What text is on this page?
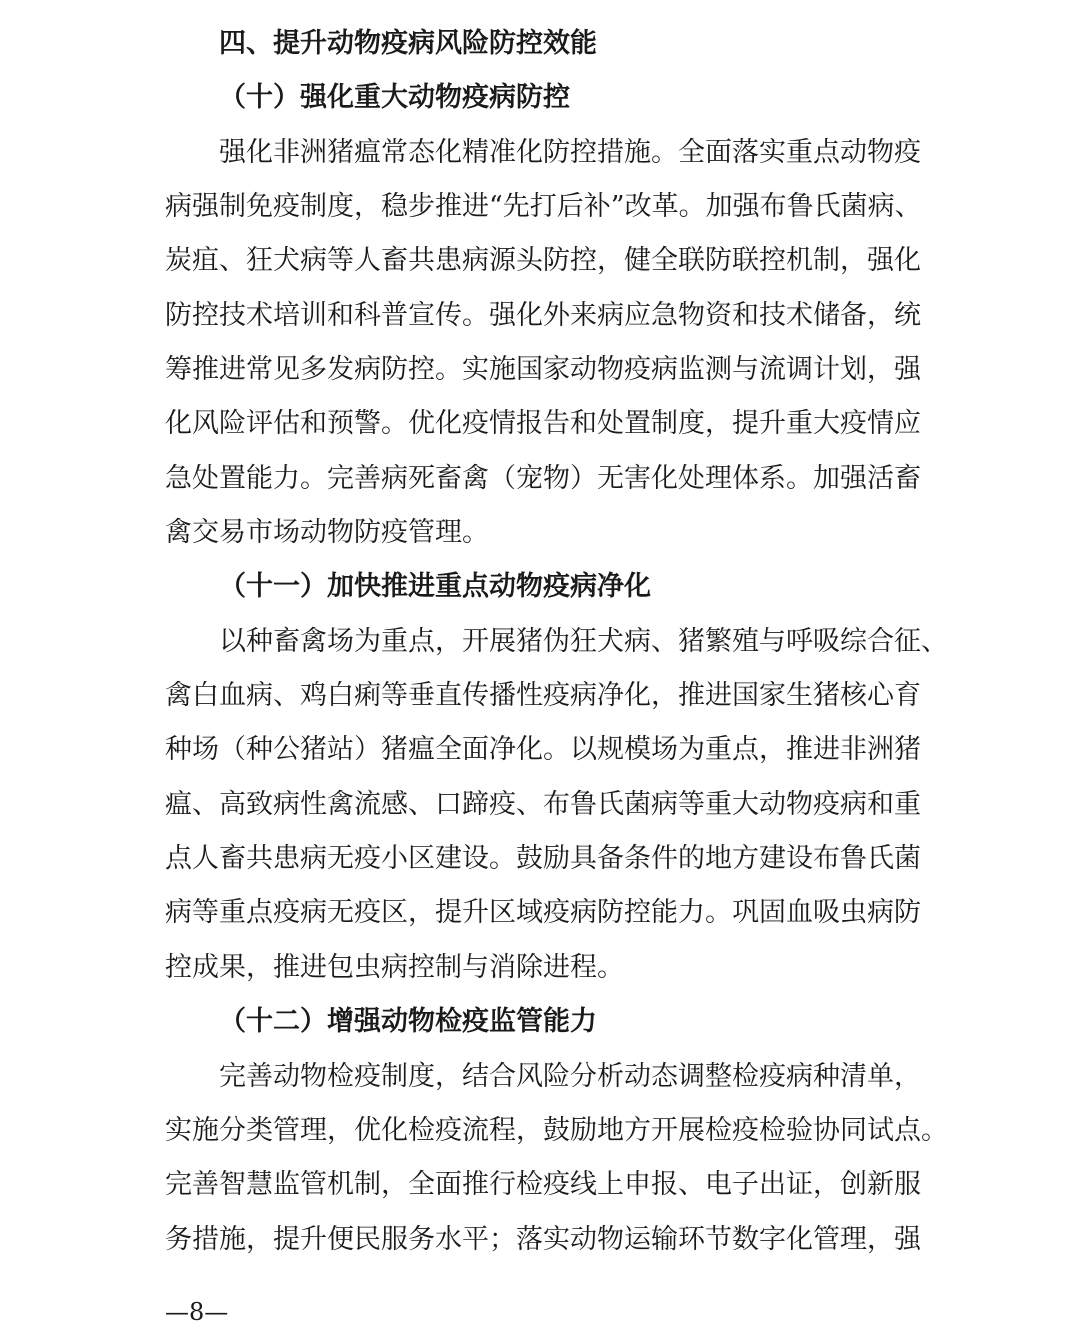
四、提升动物疫病风险防控效能
（十）强化重大动物疫病防控
强化非洲猪瘟常态化精准化防控措施。全面落实重点动物疫
病强制免疫制度，稳步推进“先打后补”改革。加强布鲁氏菌病、
炭疽、狂犬病等人畜共患病源头防控，健全联防联控机制，强化
防控技术培训和科普宣传。强化外来病应急物资和技术储备，统
筹推进常见多发病防控。实施国家动物疫病监测与流调计划，强
化风险评估和预警。优化疫情报告和处置制度，提升重大疫情应
急处置能力。完善病死畜禽（宠物）无害化处理体系。加强活畜
禽交易市场动物防疫管理。
（十一）加快推进重点动物疫病净化
以种畜禽场为重点，开展猪伪狂犬病、猪繁殖与呼吸综合征、
禽白血病、鸡白痢等垂直传播性疫病净化，推进国家生猪核心育
种场（种公猪站）猪瘟全面净化。以规模场为重点，推进非洲猪
瘟、高致病性禽流感、口蹄疫、布鲁氏菌病等重大动物疫病和重
点人畜共患病无疫小区建设。鼓励具备条件的地方建设布鲁氏菌
病等重点疫病无疫区，提升区域疫病防控能力。巩固血吸虫病防
控成果，推进包虫病控制与消除进程。
（十二）增强动物检疫监管能力
完善动物检疫制度，结合风险分析动态调整检疫病种清单，
实施分类管理，优化检疫流程，鼓励地方开展检疫检验协同试点。
完善智慧监管机制，全面推行检疫线上申报、电子出证，创新服
务措施，提升便民服务水平；落实动物运输环节数字化管理，强
—8—
